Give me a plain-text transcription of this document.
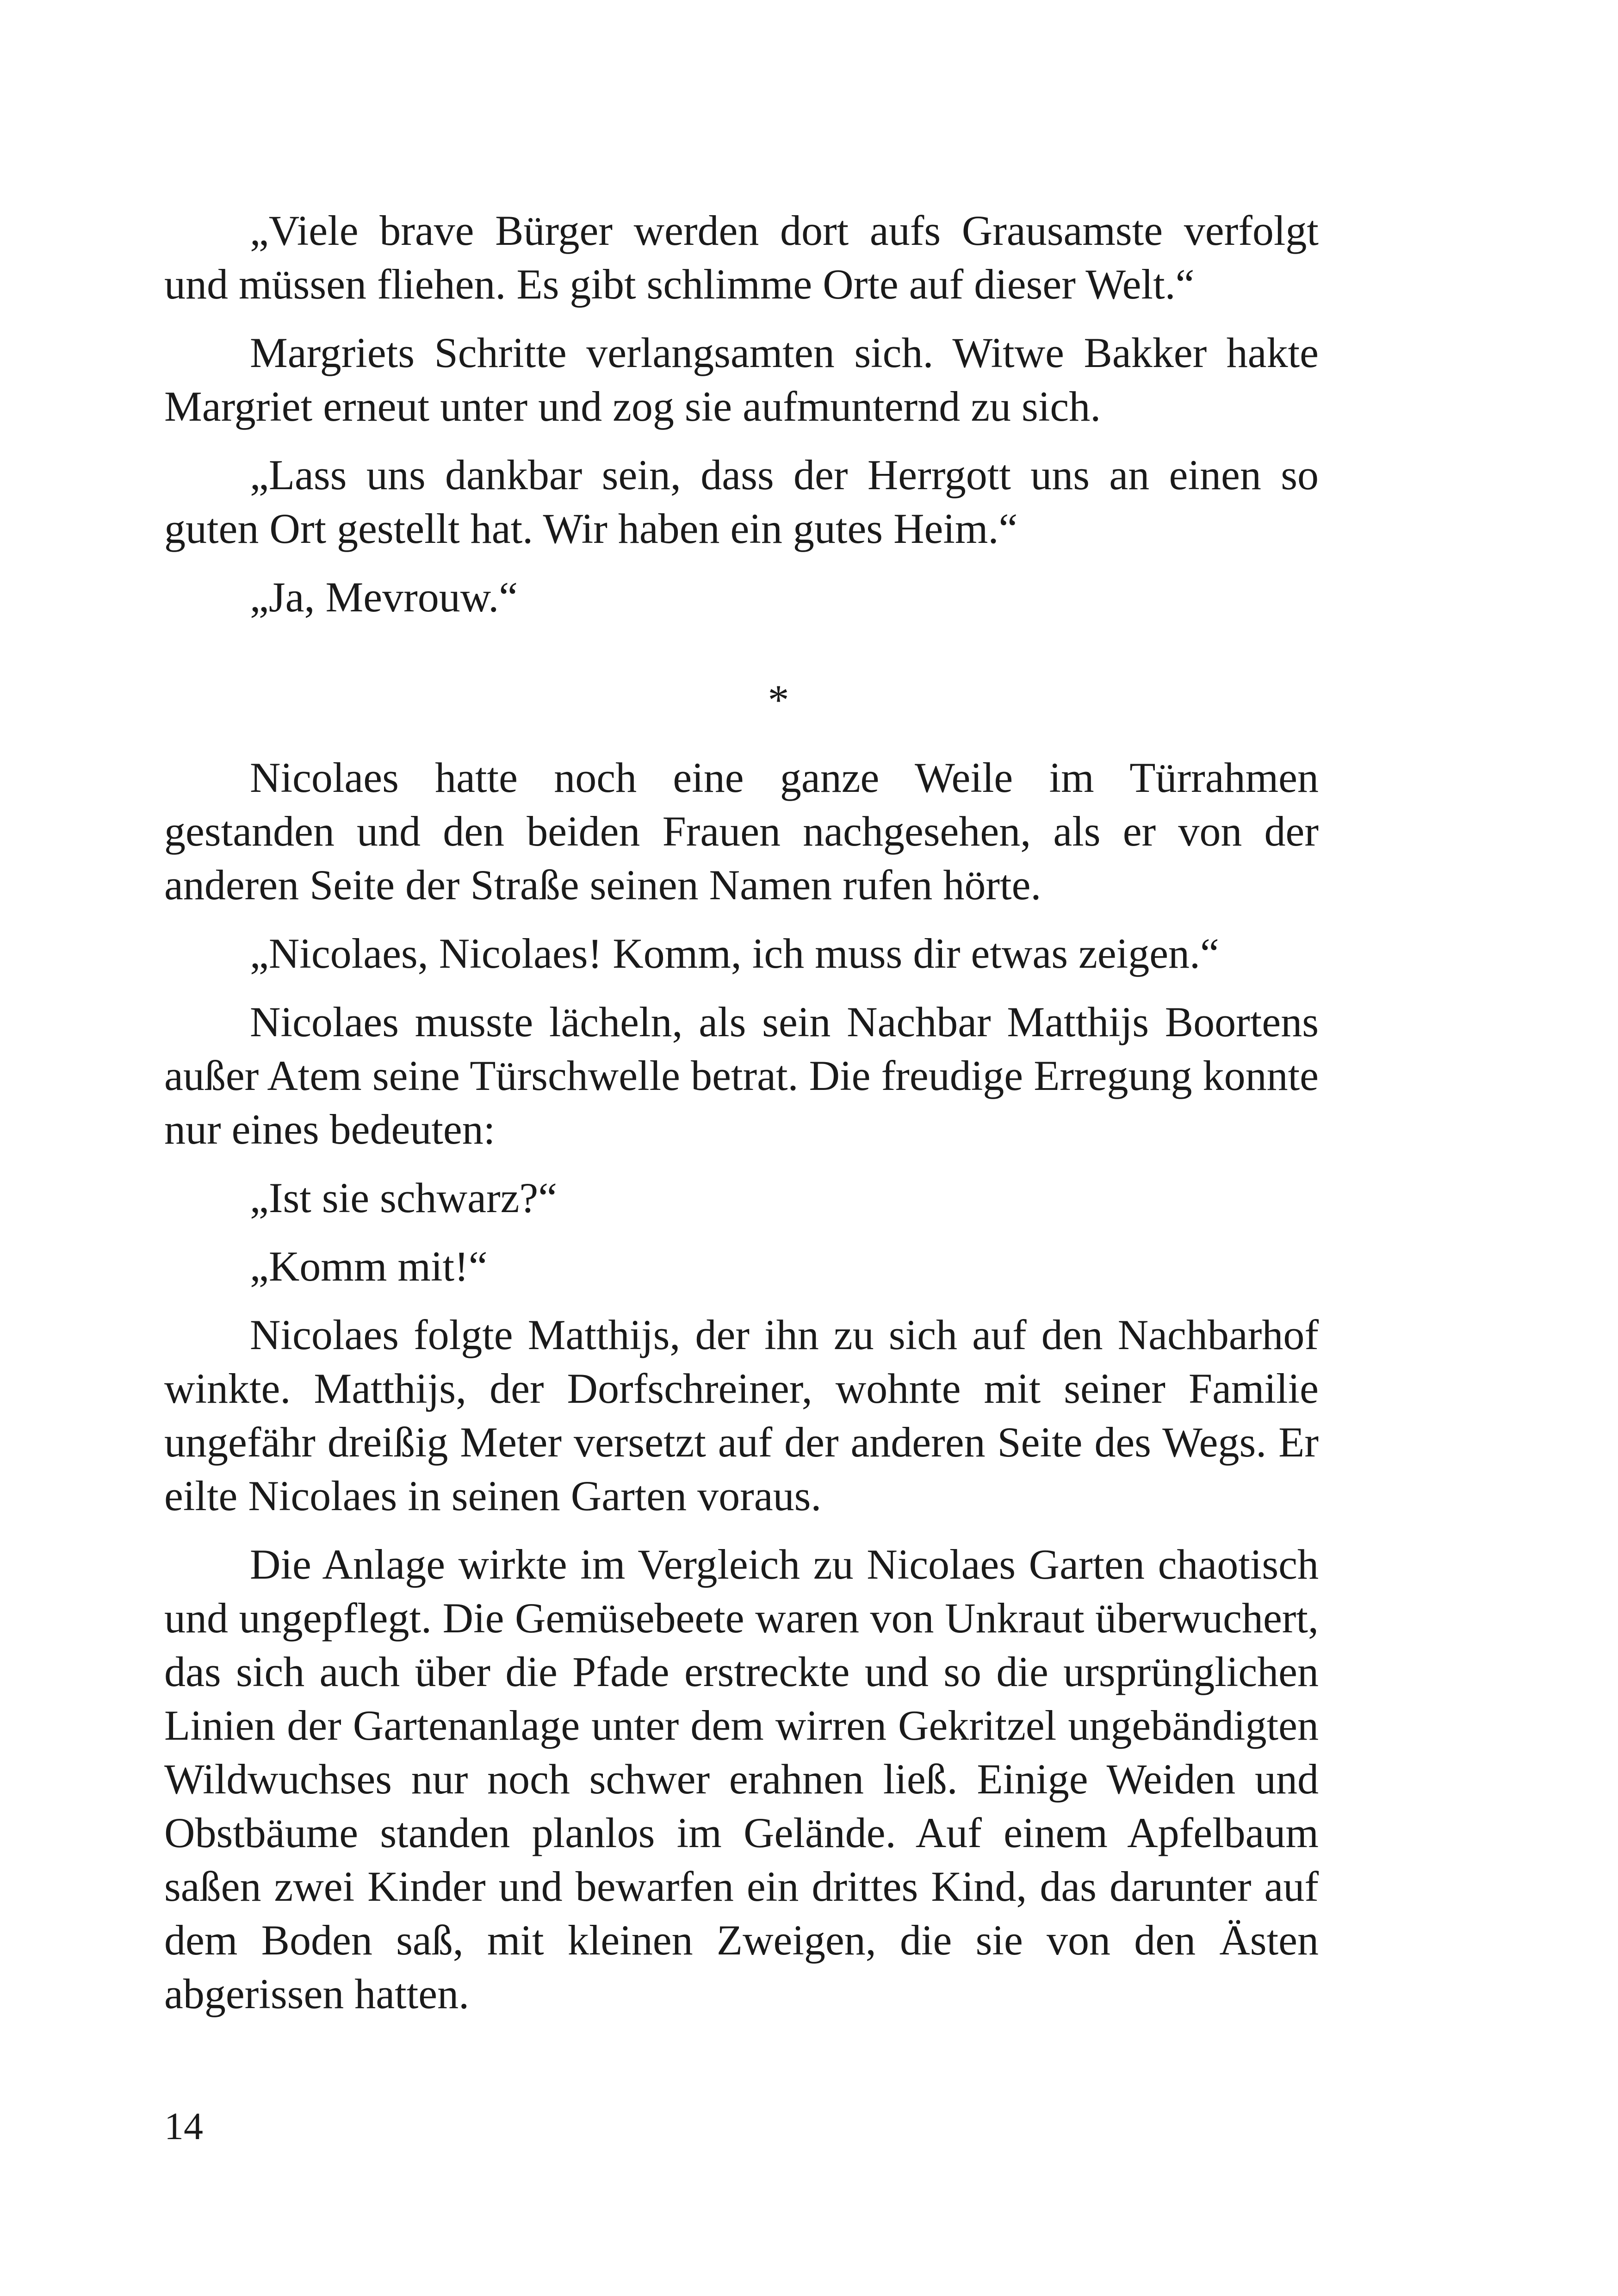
„Viele brave Bürger werden dort aufs Grausamste verfolgt und müssen fliehen. Es gibt schlimme Orte auf dieser Welt.“

Margriets Schritte verlangsamten sich. Witwe Bakker hakte Margriet erneut unter und zog sie aufmunternd zu sich.

„Lass uns dankbar sein, dass der Herrgott uns an einen so guten Ort gestellt hat. Wir haben ein gutes Heim.“

„Ja, Mevrouw.“

*

Nicolaes hatte noch eine ganze Weile im Türrahmen gestanden und den beiden Frauen nachgesehen, als er von der anderen Seite der Straße seinen Namen rufen hörte.

„Nicolaes, Nicolaes! Komm, ich muss dir etwas zeigen.“

Nicolaes musste lächeln, als sein Nachbar Matthijs Boortens außer Atem seine Türschwelle betrat. Die freudige Erregung konnte nur eines bedeuten:

„Ist sie schwarz?“

„Komm mit!“

Nicolaes folgte Matthijs, der ihn zu sich auf den Nachbarhof winkte. Matthijs, der Dorfschreiner, wohnte mit seiner Familie ungefähr dreißig Meter versetzt auf der anderen Seite des Wegs. Er eilte Nicolaes in seinen Garten voraus.

Die Anlage wirkte im Vergleich zu Nicolaes Garten chaotisch und ungepflegt. Die Gemüsebeete waren von Unkraut überwuchert, das sich auch über die Pfade erstreckte und so die ursprünglichen Linien der Gartenanlage unter dem wirren Gekritzel ungebändigten Wildwuchses nur noch schwer erahnen ließ. Einige Weiden und Obstbäume standen planlos im Gelände. Auf einem Apfelbaum saßen zwei Kinder und bewarfen ein drittes Kind, das darunter auf dem Boden saß, mit kleinen Zweigen, die sie von den Ästen abgerissen hatten.

14
